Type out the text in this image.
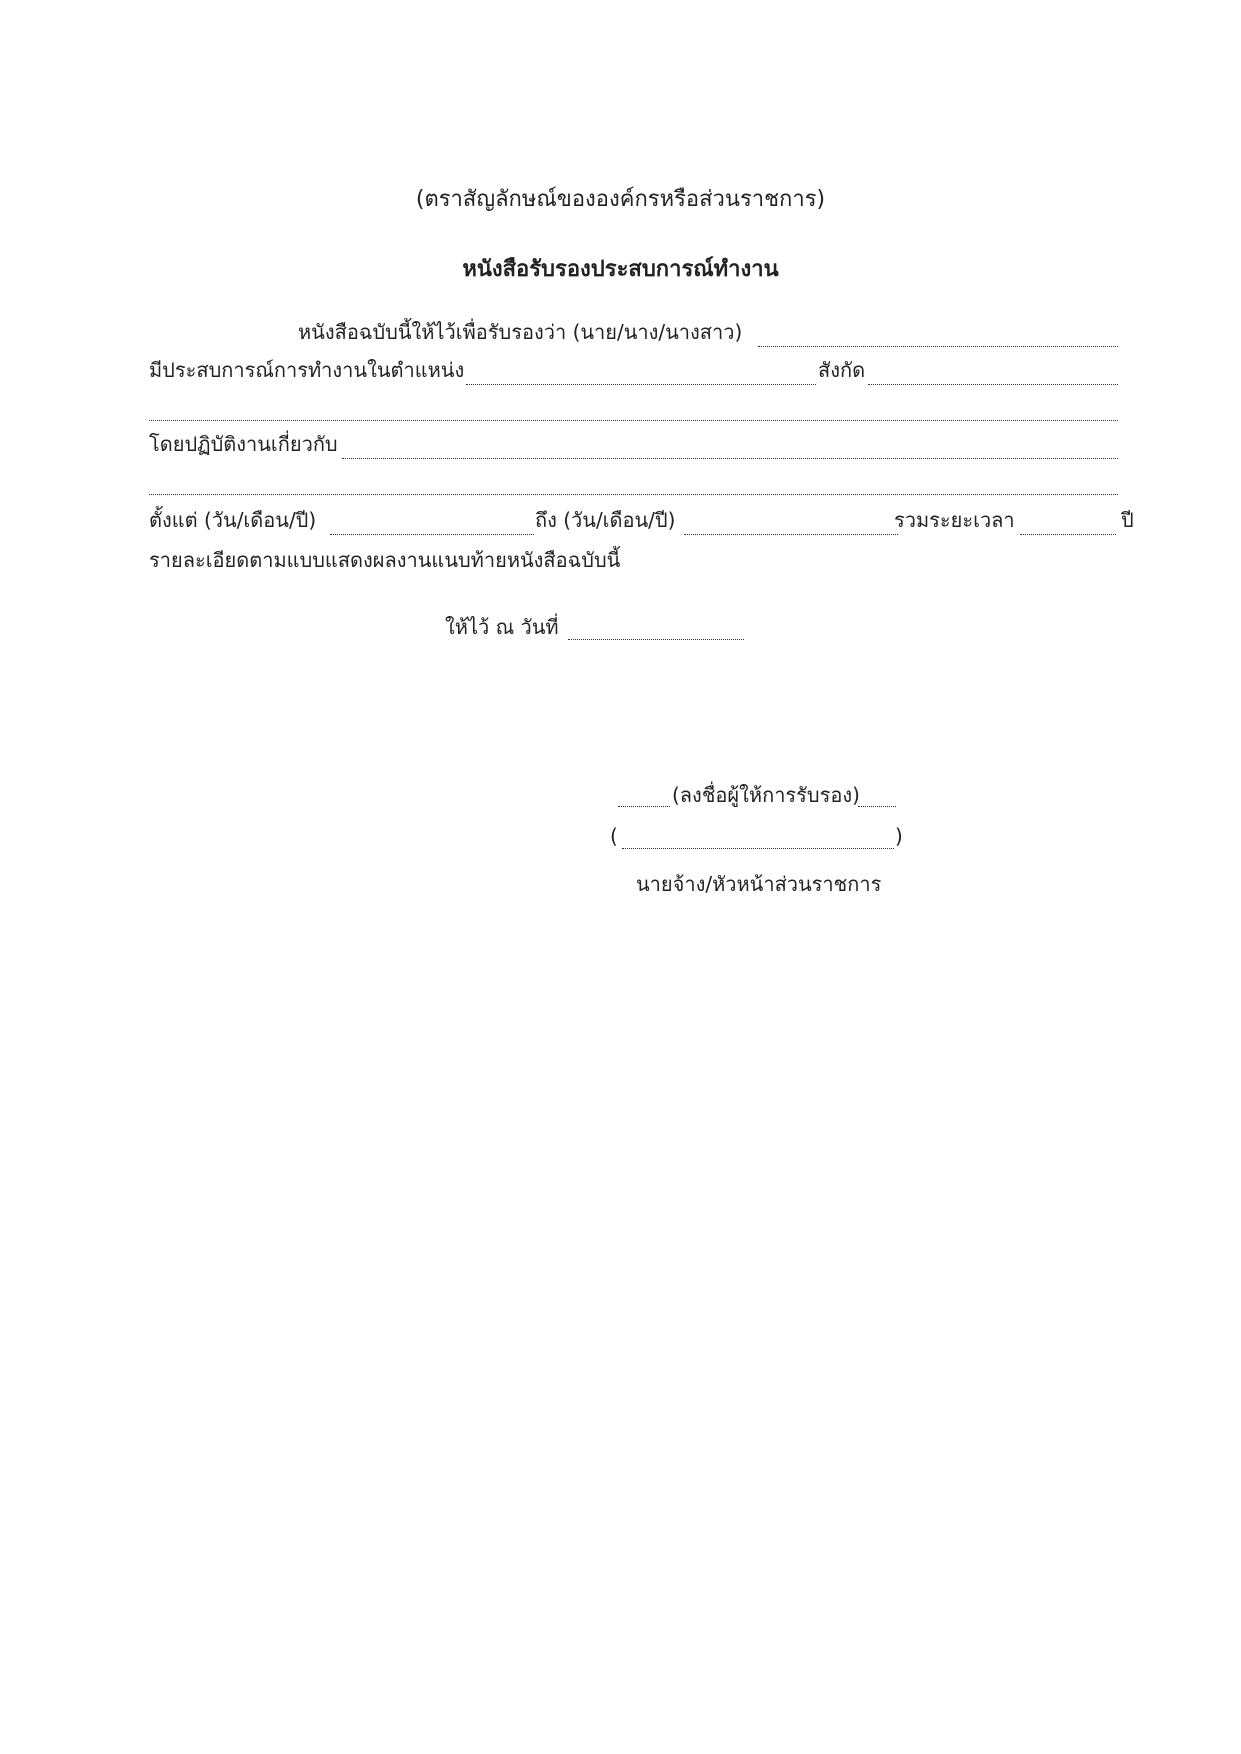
(ตราสัญลักษณ์ขององค์กรหรือส่วนราชการ)
หนังสือรับรองประสบการณ์ทำงาน
หนังสือฉบับนี้ให้ไว้เพื่อรับรองว่า (นาย/นาง/นางสาว)
มีประสบการณ์การทำงานในตำแหน่ง	สังกัด
โดยปฏิบัติงานเกี่ยวกับ
ตั้งแต่ (วัน/เดือน/ปี)	ถึง (วัน/เดือน/ปี)	รวมระยะเวลา	ปี
รายละเอียดตามแบบแสดงผลงานแนบท้ายหนังสือฉบับนี้
ให้ไว้ ณ วันที่
(ลงชื่อผู้ให้การรับรอง)
(	)
นายจ้าง/หัวหน้าส่วนราชการ
